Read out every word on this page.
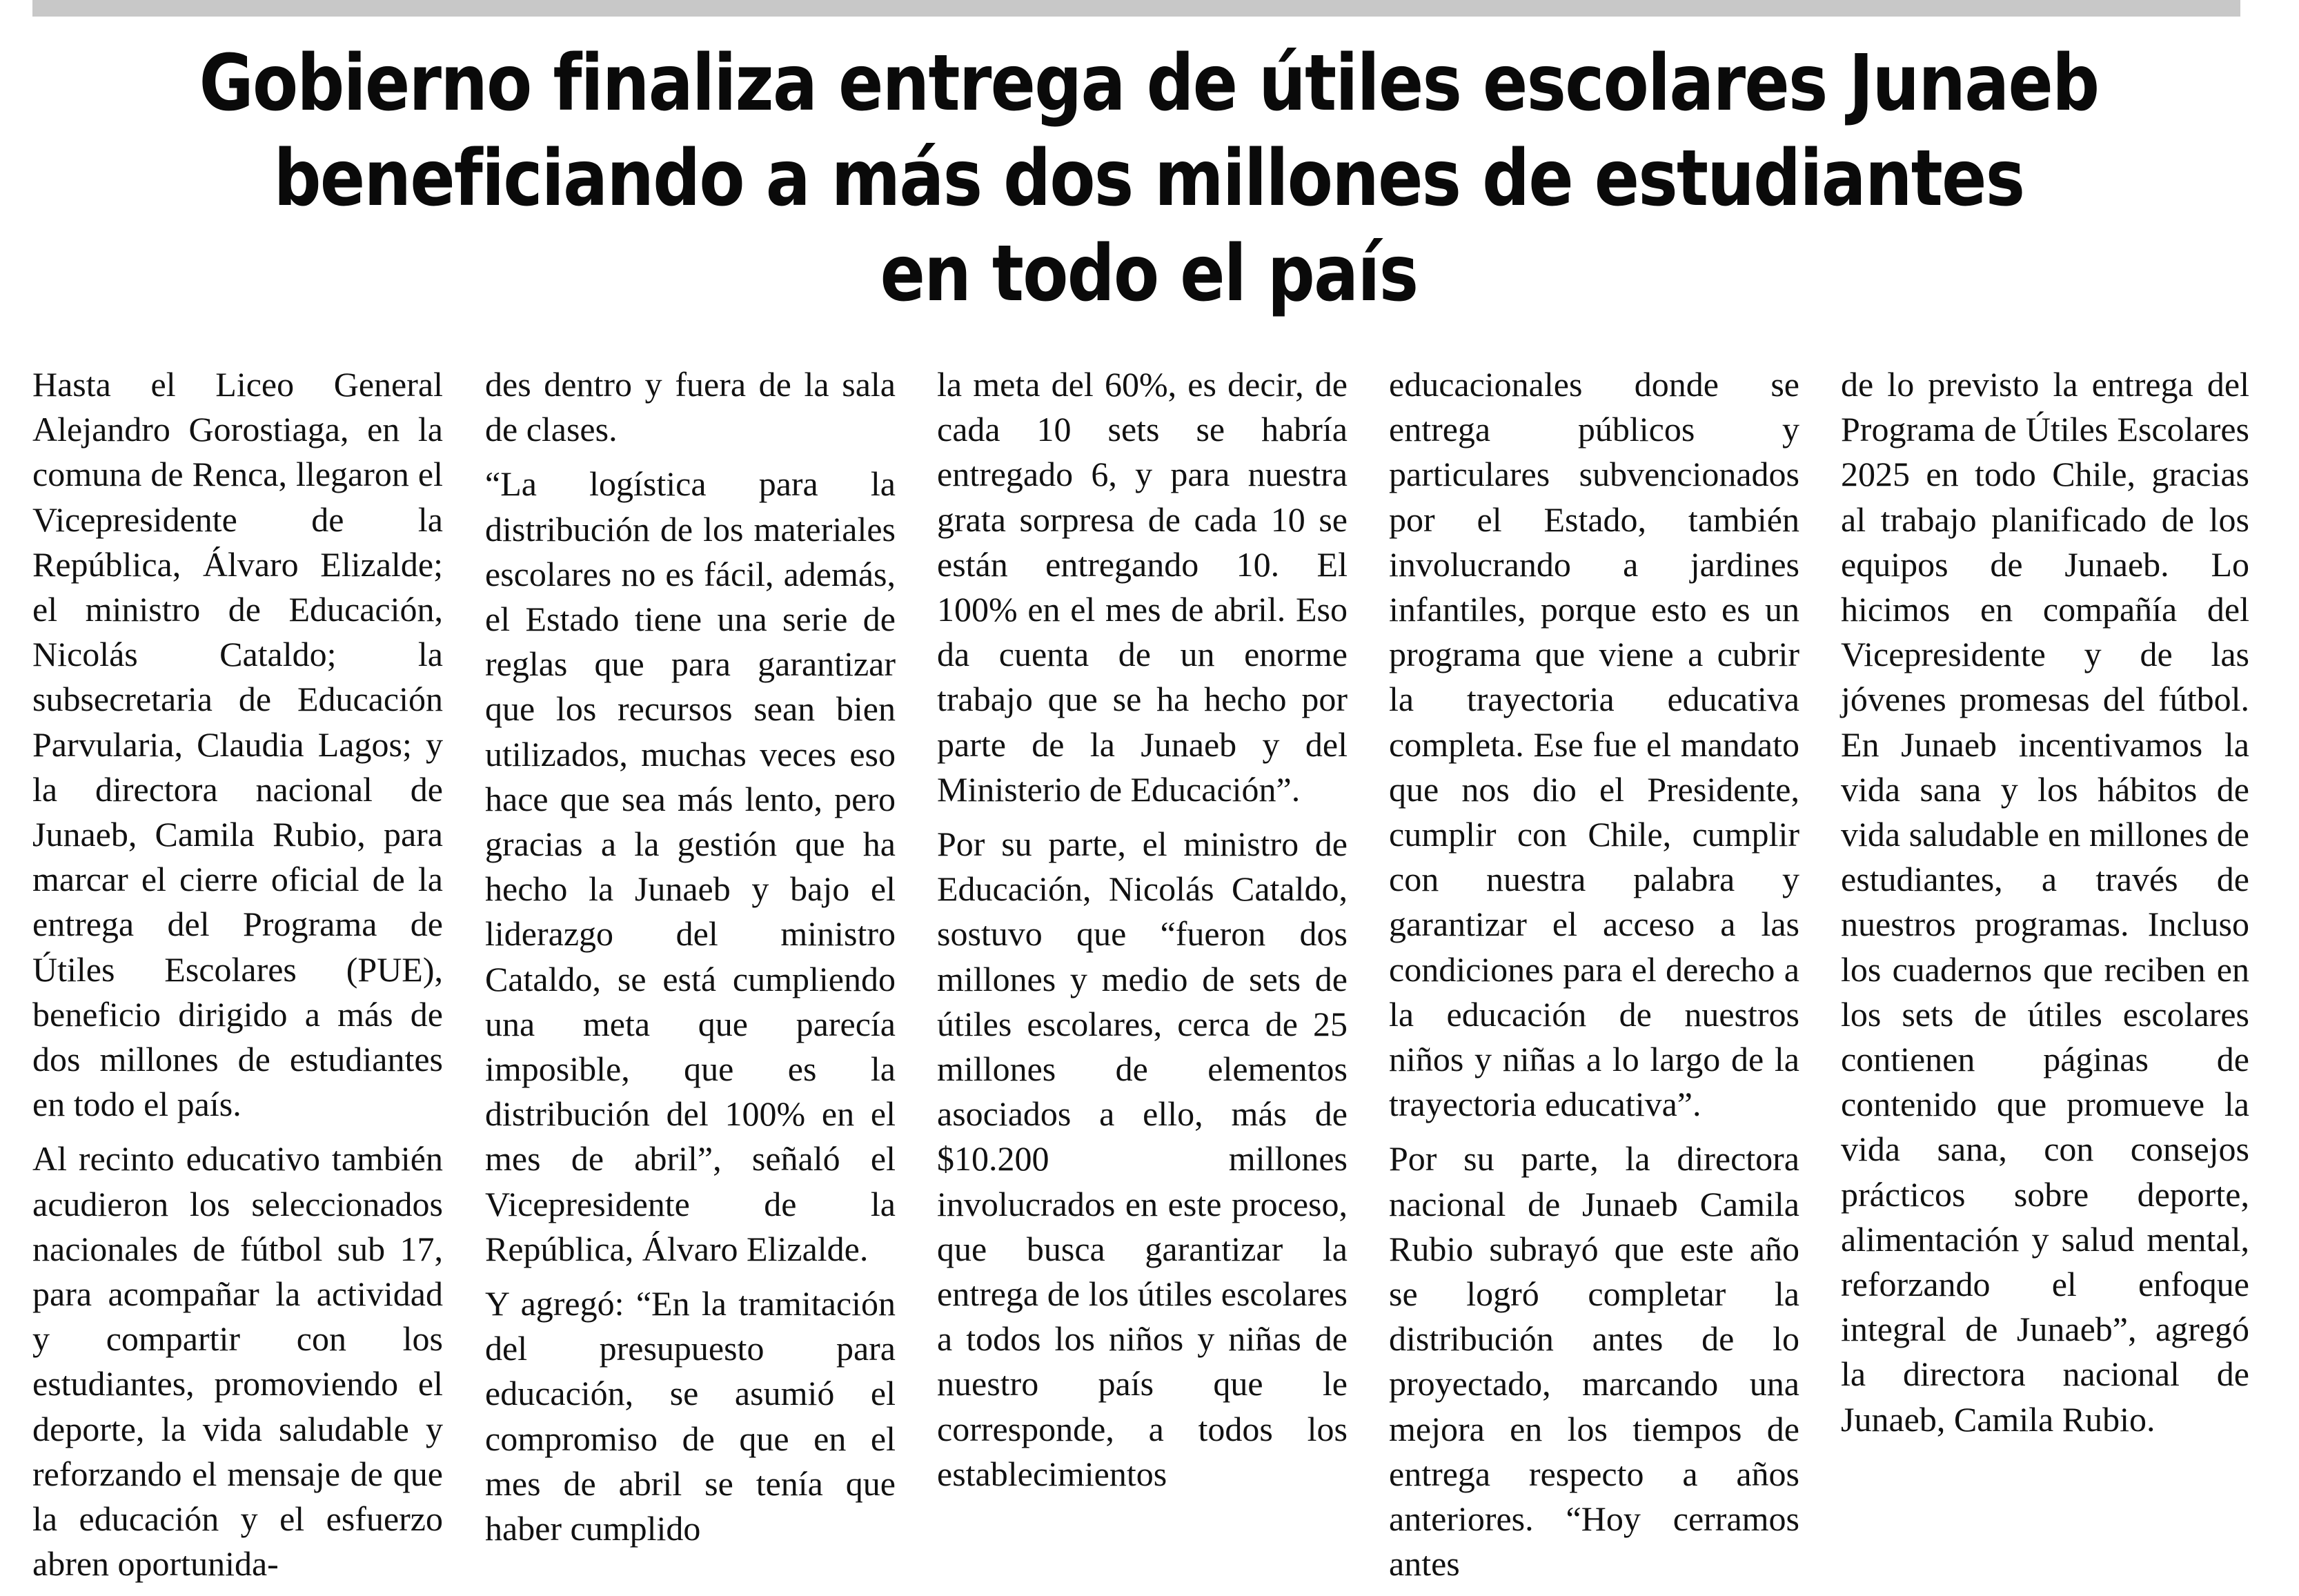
Gobierno finaliza entrega de útiles escolares Junaeb
beneficiando a más dos millones de estudiantes
en todo el país

Hasta el Liceo General Alejandro Gorostiaga, en la comuna de Renca, llegaron el Vicepresidente de la República, Álvaro Elizalde; el ministro de Educación, Nicolás Cataldo; la subsecretaria de Educación Parvularia, Claudia Lagos; y la directora nacional de Junaeb, Camila Rubio, para marcar el cierre oficial de la entrega del Programa de Útiles Escolares (PUE), beneficio dirigido a más de dos millones de estudiantes en todo el país.

Al recinto educativo también acudieron los seleccionados nacionales de fútbol sub 17, para acompañar la actividad y compartir con los estudiantes, promoviendo el deporte, la vida saludable y reforzando el mensaje de que la educación y el esfuerzo abren oportunida-

des dentro y fuera de la sala de clases.

“La logística para la distribución de los materiales escolares no es fácil, además, el Estado tiene una serie de reglas que para garantizar que los recursos sean bien utilizados, muchas veces eso hace que sea más lento, pero gracias a la gestión que ha hecho la Junaeb y bajo el liderazgo del ministro Cataldo, se está cumpliendo una meta que parecía imposible, que es la distribución del 100% en el mes de abril”, señaló el Vicepresidente de la República, Álvaro Elizalde.

Y agregó: “En la tramitación del presupuesto para educación, se asumió el compromiso de que en el mes de abril se tenía que haber cumplido

la meta del 60%, es decir, de cada 10 sets se habría entregado 6, y para nuestra grata sorpresa de cada 10 se están entregando 10. El 100% en el mes de abril. Eso da cuenta de un enorme trabajo que se ha hecho por parte de la Junaeb y del Ministerio de Educación”.

Por su parte, el ministro de Educación, Nicolás Cataldo, sostuvo que “fueron dos millones y medio de sets de útiles escolares, cerca de 25 millones de elementos asociados a ello, más de $10.200 millones involucrados en este proceso, que busca garantizar la entrega de los útiles escolares a todos los niños y niñas de nuestro país que le corresponde, a todos los establecimientos

educacionales donde se entrega públicos y particulares subvencionados por el Estado, también involucrando a jardines infantiles, porque esto es un programa que viene a cubrir la trayectoria educativa completa. Ese fue el mandato que nos dio el Presidente, cumplir con Chile, cumplir con nuestra palabra y garantizar el acceso a las condiciones para el derecho a la educación de nuestros niños y niñas a lo largo de la trayectoria educativa”.

Por su parte, la directora nacional de Junaeb Camila Rubio subrayó que este año se logró completar la distribución antes de lo proyectado, marcando una mejora en los tiempos de entrega respecto a años anteriores. “Hoy cerramos antes

de lo previsto la entrega del Programa de Útiles Escolares 2025 en todo Chile, gracias al trabajo planificado de los equipos de Junaeb. Lo hicimos en compañía del Vicepresidente y de las jóvenes promesas del fútbol. En Junaeb incentivamos la vida sana y los hábitos de vida saludable en millones de estudiantes, a través de nuestros programas. Incluso los cuadernos que reciben en los sets de útiles escolares contienen páginas de contenido que promueve la vida sana, con consejos prácticos sobre deporte, alimentación y salud mental, reforzando el enfoque integral de Junaeb”, agregó la directora nacional de Junaeb, Camila Rubio.
